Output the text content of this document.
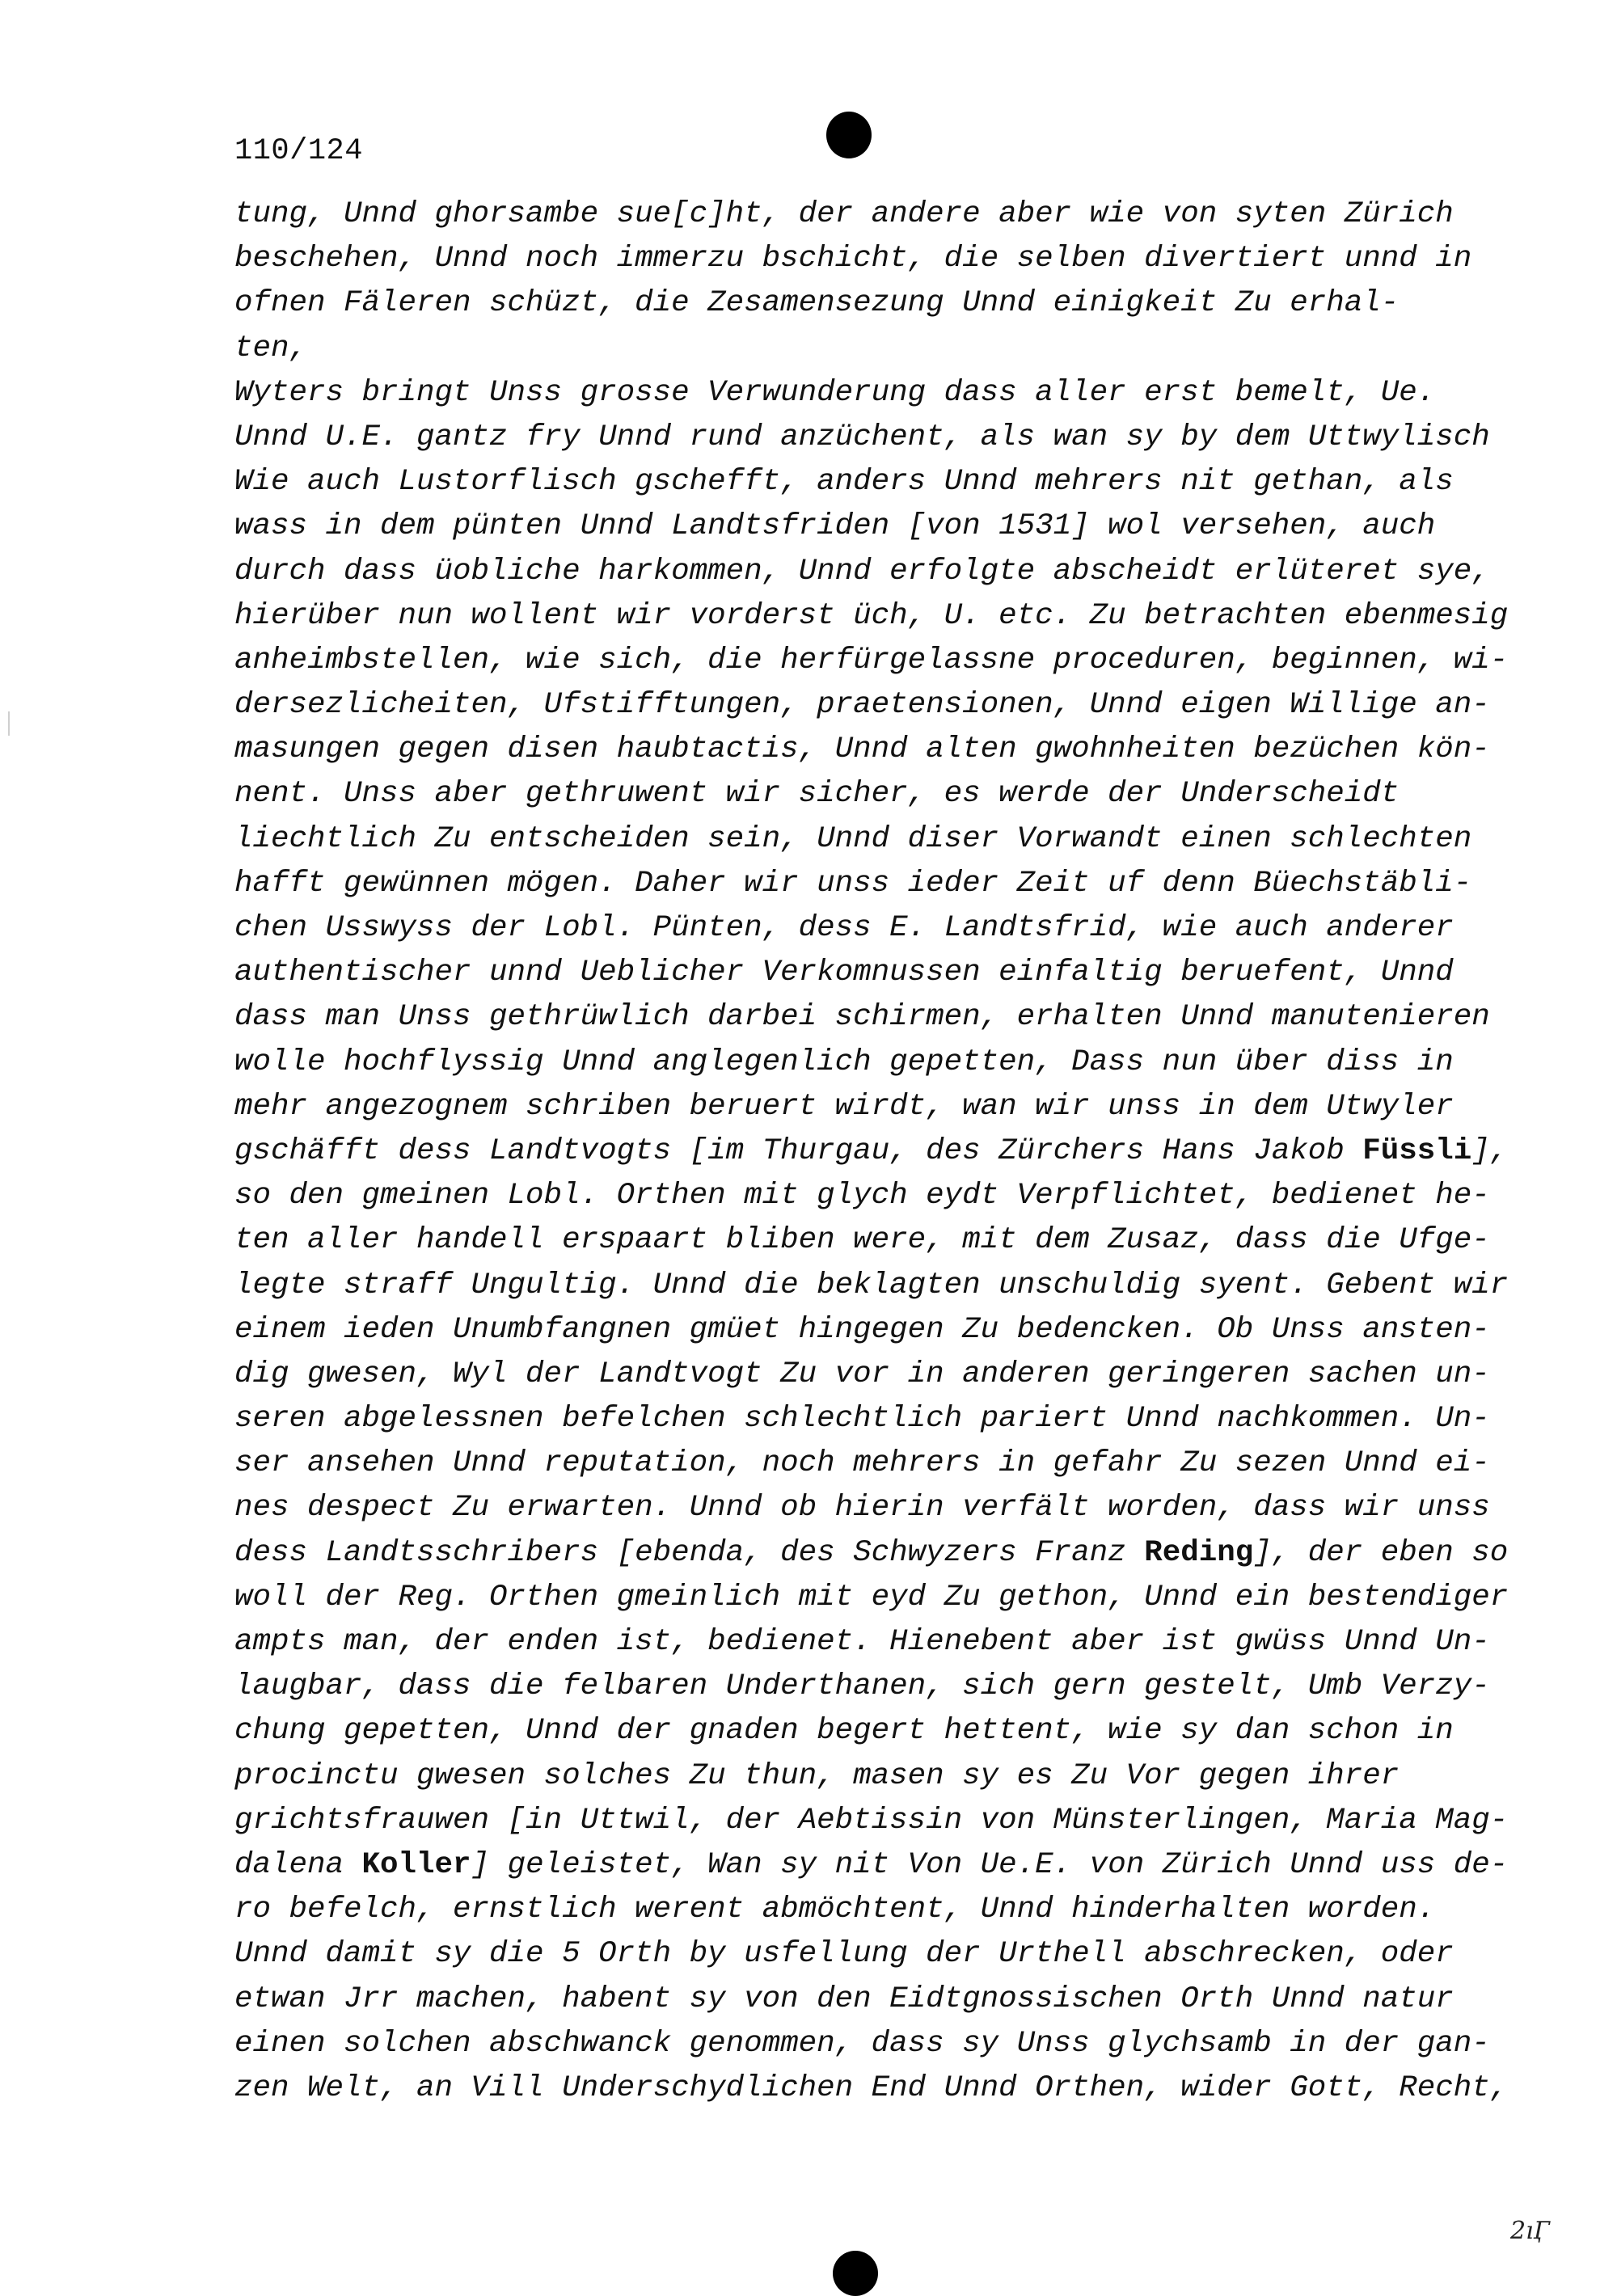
110/124
tung, Unnd ghorsambe sue[c]ht, der andere aber wie von syten Zürich
beschehen, Unnd noch immerzu bschicht, die selben divertiert unnd in
ofnen Fäleren schüzt, die Zesamensezung Unnd einigkeit Zu erhal-
ten,
Wyters bringt Unss grosse Verwunderung dass aller erst bemelt, Ue.
Unnd U.E. gantz fry Unnd rund anzüchent, als wan sy by dem Uttwylisch
Wie auch Lustorflisch gschefft, anders Unnd mehrers nit gethan, als
wass in dem pünten Unnd Landtsfriden [von 1531] wol versehen, auch
durch dass üobliche harkommen, Unnd erfolgte abscheidt erlüteret sye,
hierüber nun wollent wir vorderst üch, U. etc. Zu betrachten ebenmesig
anheimbstellen, wie sich, die herfürgelassne proceduren, beginnen, wi-
dersezlicheiten, Ufstifftungen, praetensionen, Unnd eigen Willige an-
masungen gegen disen haubtactis, Unnd alten gwohnheiten bezüchen kön-
nent. Unss aber gethruwent wir sicher, es werde der Underscheidt
liechtlich Zu entscheiden sein, Unnd diser Vorwandt einen schlechten
hafft gewünnen mögen. Daher wir unss ieder Zeit uf denn Büechstäbli-
chen Usswyss der Lobl. Pünten, dess E. Landtsfrid, wie auch anderer
authentischer unnd Ueblicher Verkomnussen einfaltig beruefent, Unnd
dass man Unss gethrüwlich darbei schirmen, erhalten Unnd manutenieren
wolle hochflyssig Unnd anglegenlich gepetten, Dass nun über diss in
mehr angezognem schriben beruert wirdt, wan wir unss in dem Utwyler
gschäfft dess Landtvogts [im Thurgau, des Zürchers Hans Jakob Füssli],
so den gmeinen Lobl. Orthen mit glych eydt Verpflichtet, bedienet he-
ten aller handell erspaart bliben were, mit dem Zusaz, dass die Ufge-
legte straff Ungultig. Unnd die beklagten unschuldig syent. Gebent wir
einem ieden Unumbfangnen gmüet hingegen Zu bedencken. Ob Unss ansten-
dig gwesen, Wyl der Landtvogt Zu vor in anderen geringeren sachen un-
seren abgelessnen befelchen schlechtlich pariert Unnd nachkommen. Un-
ser ansehen Unnd reputation, noch mehrers in gefahr Zu sezen Unnd ei-
nes despect Zu erwarten. Unnd ob hierin verfält worden, dass wir unss
dess Landtsschribers [ebenda, des Schwyzers Franz Reding], der eben so
woll der Reg. Orthen gmeinlich mit eyd Zu gethon, Unnd ein bestendiger
ampts man, der enden ist, bedienet. Hienebent aber ist gwüss Unnd Un-
laugbar, dass die felbaren Underthanen, sich gern gestelt, Umb Verzy-
chung gepetten, Unnd der gnaden begert hettent, wie sy dan schon in
procinctu gwesen solches Zu thun, masen sy es Zu Vor gegen ihrer
grichtsfrauwen [in Uttwil, der Aebtissin von Münsterlingen, Maria Mag-
dalena Koller] geleistet, Wan sy nit Von Ue.E. von Zürich Unnd uss de-
ro befelch, ernstlich werent abmöchtent, Unnd hinderhalten worden.
Unnd damit sy die 5 Orth by usfellung der Urthell abschrecken, oder
etwan Jrr machen, habent sy von den Eidtgnossischen Orth Unnd natur
einen solchen abschwanck genommen, dass sy Unss glychsamb in der gan-
zen Welt, an Vill Underschydlichen End Unnd Orthen, wider Gott, Recht,
2ıӶ
